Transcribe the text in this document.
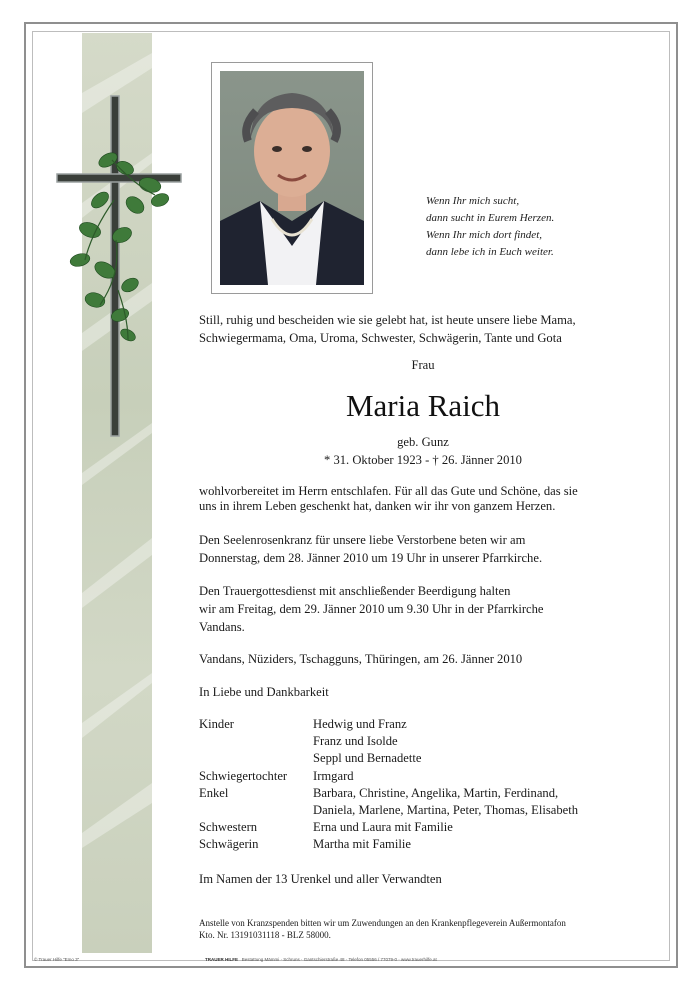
Wenn Ihr mich sucht,
dann sucht in Eurem Herzen.
Wenn Ihr mich dort findet,
dann lebe ich in Euch weiter.
Still, ruhig und bescheiden wie sie gelebt hat, ist heute unsere liebe Mama,
Schwiegermama, Oma, Uroma, Schwester, Schwägerin, Tante und Gota
Frau
Maria Raich
geb. Gunz
* 31. Oktober 1923 - † 26. Jänner 2010
wohlvorbereitet im Herrn entschlafen. Für all das Gute und Schöne, das sie
uns in ihrem Leben geschenkt hat, danken wir ihr von ganzem Herzen.
Den Seelenrosenkranz für unsere liebe Verstorbene beten wir am
Donnerstag, dem 28. Jänner 2010 um 19 Uhr in unserer Pfarrkirche.
Den Trauergottesdienst mit anschließender Beerdigung halten
wir am Freitag, dem 29. Jänner 2010 um 9.30 Uhr in der Pfarrkirche
Vandans.
Vandans, Nüziders, Tschagguns, Thüringen, am 26. Jänner 2010
In Liebe und Dankbarkeit
Kinder	Hedwig und Franz
Franz und Isolde
Seppl und Bernadette
Schwiegertochter	Irmgard
Enkel	Barbara, Christine, Angelika, Martin, Ferdinand,
Daniela, Marlene, Martina, Peter, Thomas, Elisabeth
Schwestern	Erna und Laura mit Familie
Schwägerin	Martha mit Familie
Im Namen der 13 Urenkel und aller Verwandten
Anstelle von Kranzspenden bitten wir um Zuwendungen an den Krankenpflegeverein Außermontafon
Kto. Nr. 13191031118 - BLZ 58000.
© Trauer Hilfe "Emo 3"	TRAUER HILFE Bestattung Mämmi · Schruns · Gantschierstraße 48 · Telefon 05556 / 77079-0 · www.trauerhilfe.at
